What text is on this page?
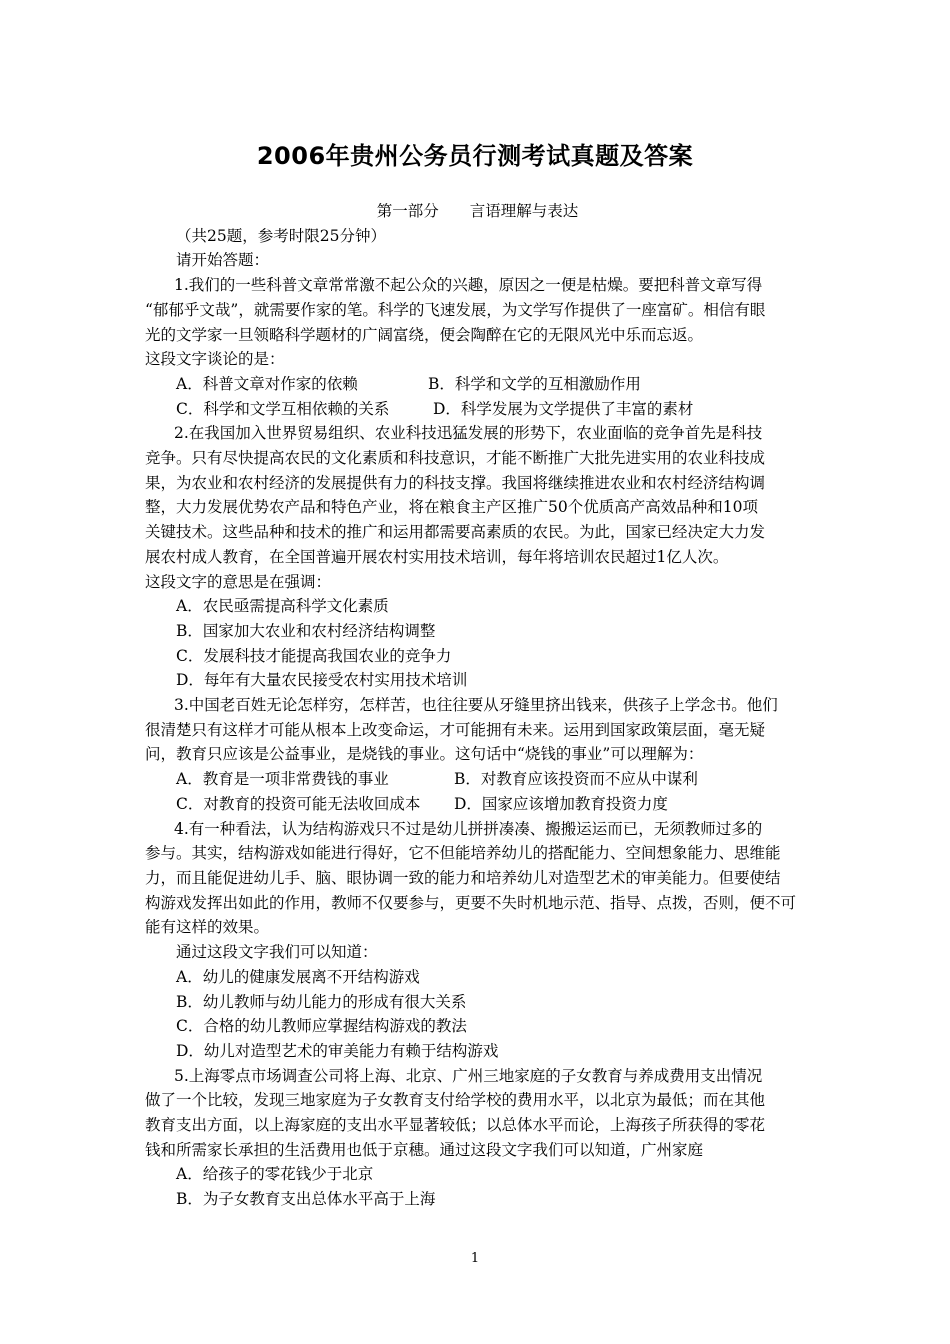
2006年贵州公务员行测考试真题及答案

第一部分　　言语理解与表达

（共25题，参考时限25分钟）

请开始答题：

1.我们的一些科普文章常常激不起公众的兴趣，原因之一便是枯燥。要把科普文章写得

“郁郁乎文哉”，就需要作家的笔。科学的飞速发展，为文学写作提供了一座富矿。相信有眼

光的文学家一旦领略科学题材的广阔富绕，便会陶醉在它的无限风光中乐而忘返。

这段文字谈论的是：

A．科普文章对作家的依赖	B．科学和文学的互相激励作用

C．科学和文学互相依赖的关系	D．科学发展为文学提供了丰富的素材

2.在我国加入世界贸易组织、农业科技迅猛发展的形势下，农业面临的竞争首先是科技

竞争。只有尽快提高农民的文化素质和科技意识，才能不断推广大批先进实用的农业科技成

果，为农业和农村经济的发展提供有力的科技支撑。我国将继续推进农业和农村经济结构调

整，大力发展优势农产品和特色产业，将在粮食主产区推广50个优质高产高效品种和10项

关键技术。这些品种和技术的推广和运用都需要高素质的农民。为此，国家已经决定大力发

展农村成人教育，在全国普遍开展农村实用技术培训，每年将培训农民超过1亿人次。

这段文字的意思是在强调：

A．农民亟需提高科学文化素质

B．国家加大农业和农村经济结构调整

C．发展科技才能提高我国农业的竞争力

D．每年有大量农民接受农村实用技术培训

3.中国老百姓无论怎样穷，怎样苦，也往往要从牙缝里挤出钱来，供孩子上学念书。他们

很清楚只有这样才可能从根本上改变命运，才可能拥有未来。运用到国家政策层面，毫无疑

问，教育只应该是公益事业，是烧钱的事业。这句话中“烧钱的事业”可以理解为：

A．教育是一项非常费钱的事业	B．对教育应该投资而不应从中谋利

C．对教育的投资可能无法收回成本	D．国家应该增加教育投资力度

4.有一种看法，认为结构游戏只不过是幼儿拼拼凑凑、搬搬运运而已，无须教师过多的

参与。其实，结构游戏如能进行得好，它不但能培养幼儿的搭配能力、空间想象能力、思维能

力，而且能促进幼儿手、脑、眼协调一致的能力和培养幼儿对造型艺术的审美能力。但要使结

构游戏发挥出如此的作用，教师不仅要参与，更要不失时机地示范、指导、点拨，否则，便不可

能有这样的效果。

通过这段文字我们可以知道：

A．幼儿的健康发展离不开结构游戏

B．幼儿教师与幼儿能力的形成有很大关系

C．合格的幼儿教师应掌握结构游戏的教法

D．幼儿对造型艺术的审美能力有赖于结构游戏

5.上海零点市场调查公司将上海、北京、广州三地家庭的子女教育与养成费用支出情况

做了一个比较，发现三地家庭为子女教育支付给学校的费用水平，以北京为最低；而在其他

教育支出方面，以上海家庭的支出水平显著较低；以总体水平而论，上海孩子所获得的零花

钱和所需家长承担的生活费用也低于京穗。通过这段文字我们可以知道，广州家庭

A．给孩子的零花钱少于北京

B．为子女教育支出总体水平高于上海

1
